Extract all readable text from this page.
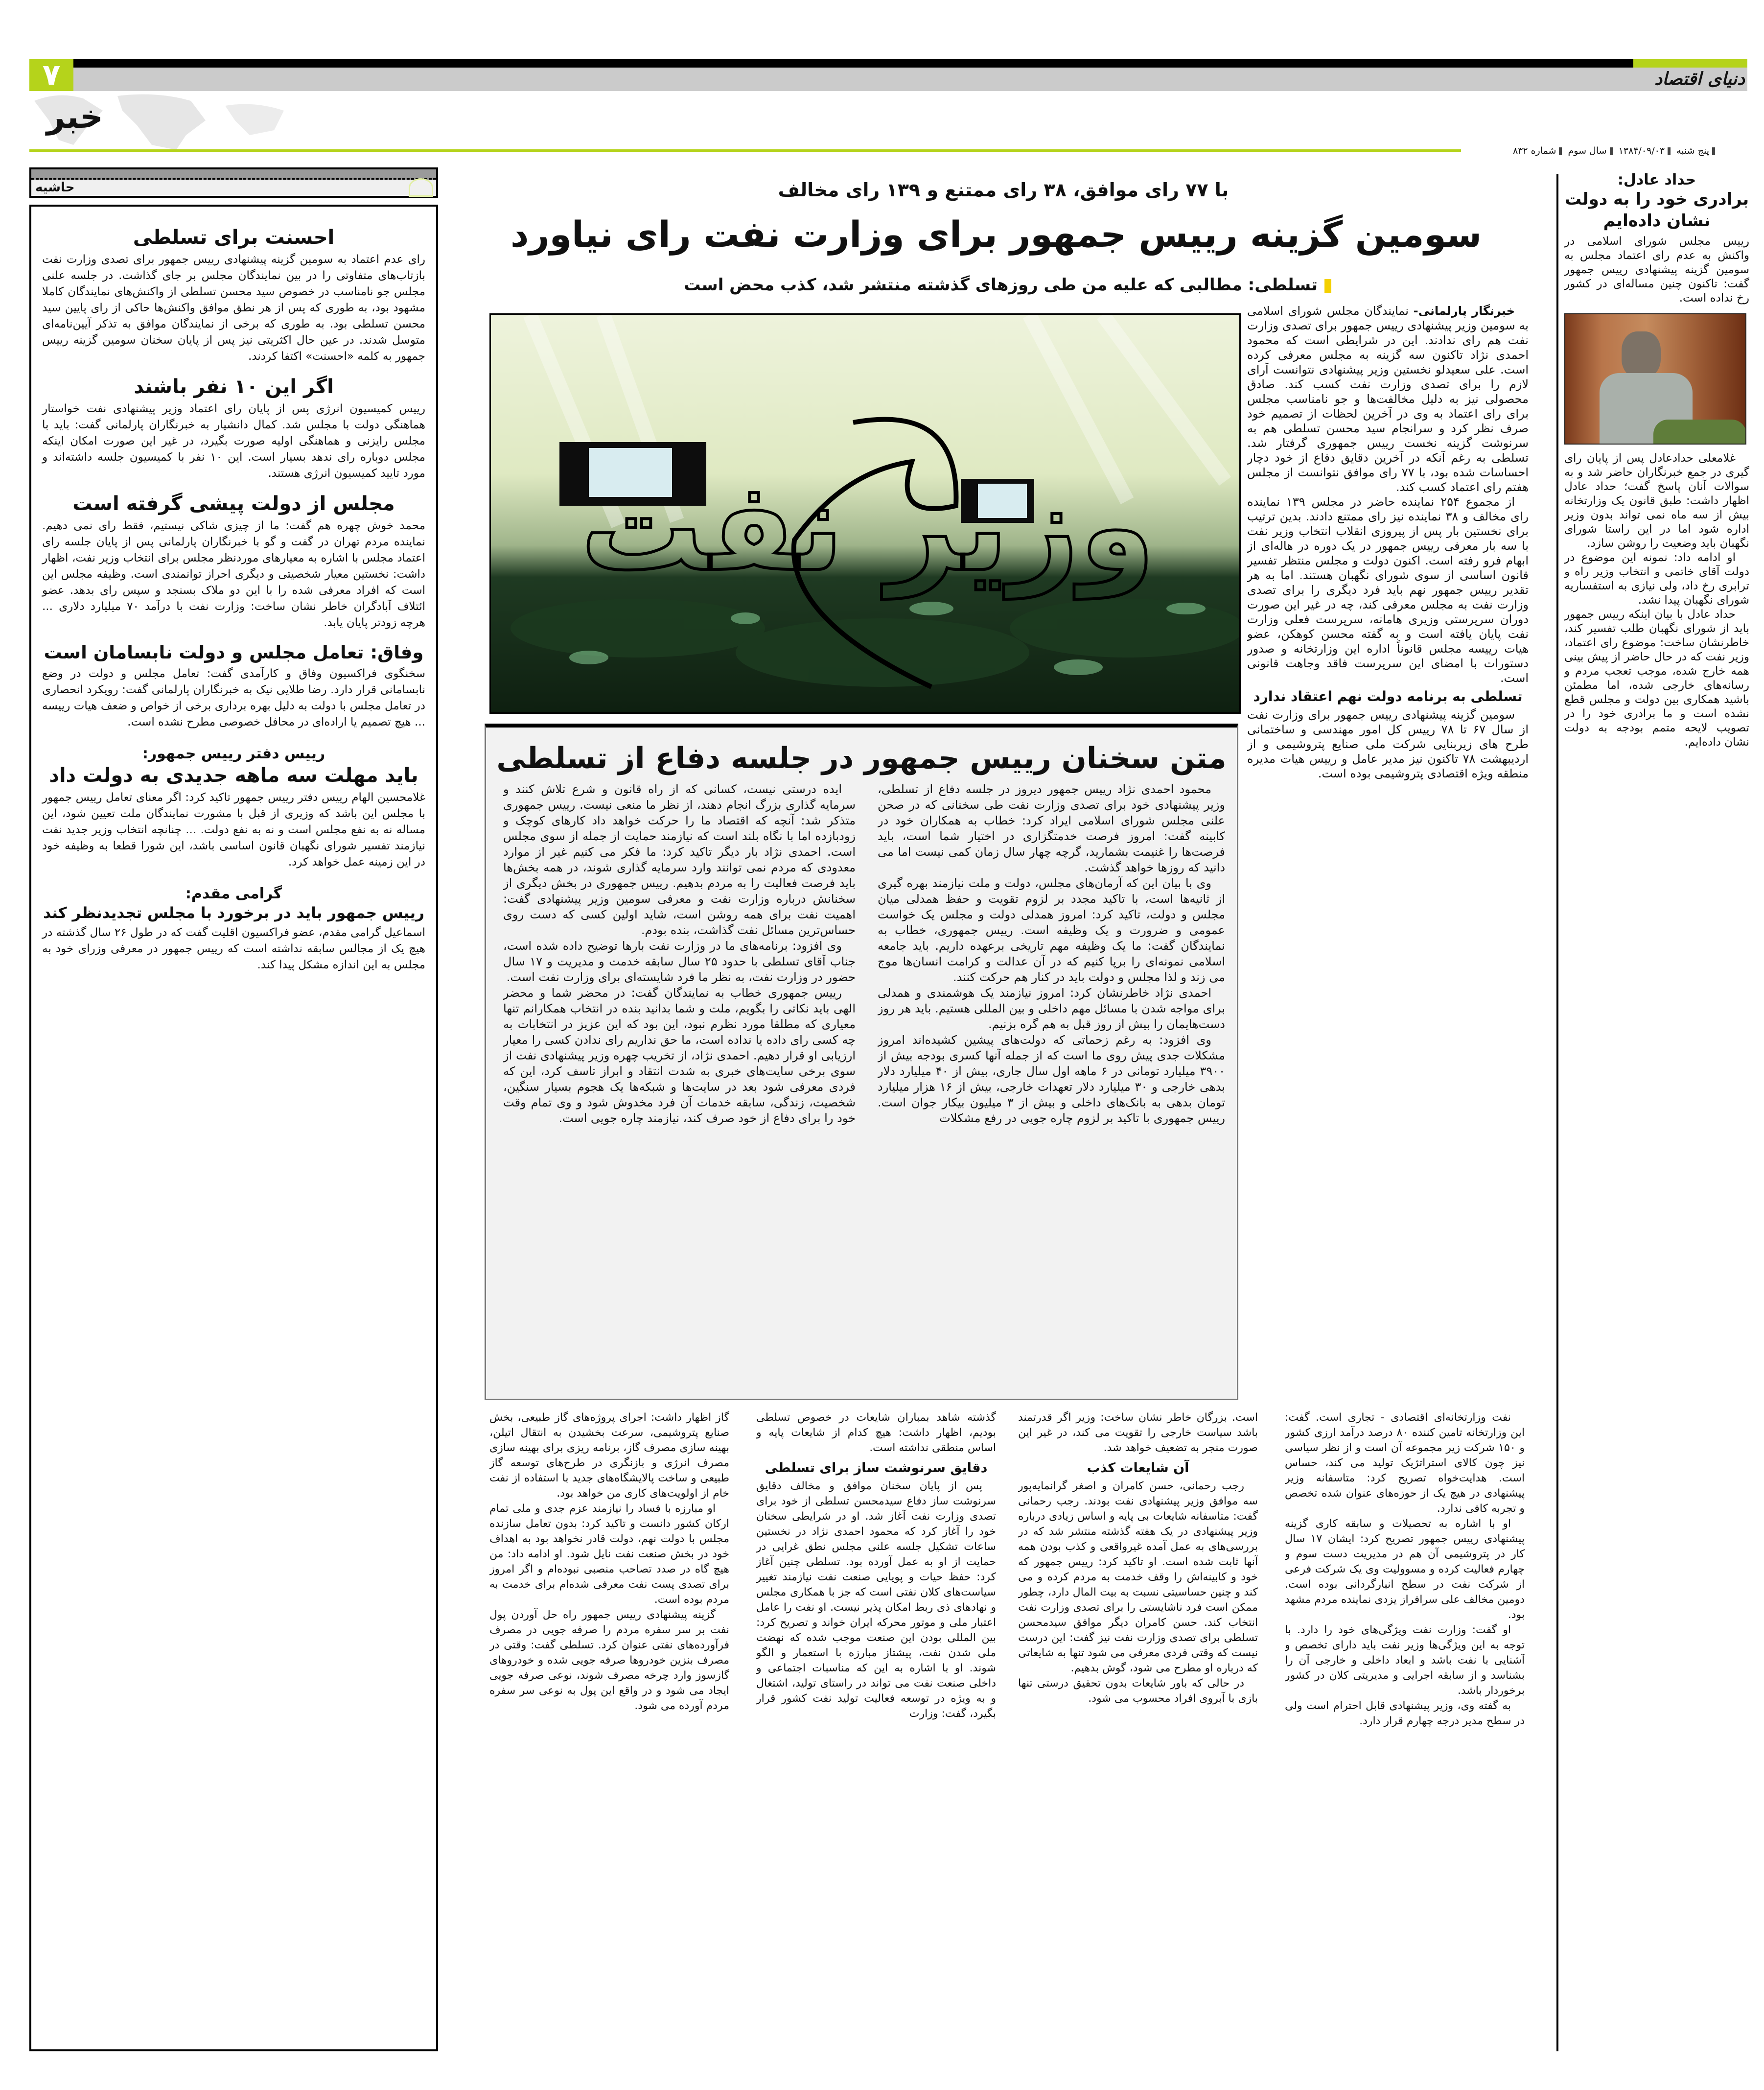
۷	دنیای اقتصاد
خبر
پنج شنبه ۱۳۸۴/۰۹/۰۳ سال سوم شماره ۸۳۲
حاشیه
احسنت برای تسلطی
رای عدم اعتماد به سومین گزینه پیشنهادی رییس جمهور برای تصدی وزارت نفت بازتاب‌های متفاوتی را در بین نمایندگان مجلس بر جای گذاشت. در جلسه علنی مجلس جو نامناسب در خصوص سید محسن تسلطی از واکنش‌های نمایندگان کاملا مشهود بود، به طوری که پس از هر نطق موافق واکنش‌ها حاکی از رای پایین سید محسن تسلطی بود. به طوری که برخی از نمایندگان موافق به تذکر آیین‌نامه‌ای متوسل شدند. در عین حال اکثریتی نیز پس از پایان سخنان سومین گزینه رییس جمهور به کلمه «احسنت» اکتفا کردند.
اگر این ۱۰ نفر باشند
رییس کمیسیون انرژی پس از پایان رای اعتماد وزیر پیشنهادی نفت خواستار هماهنگی دولت با مجلس شد. کمال دانشیار به خبرنگاران پارلمانی گفت: باید با مجلس رایزنی و هماهنگی اولیه صورت بگیرد، در غیر این صورت امکان اینکه مجلس دوباره رای ندهد بسیار است. این ۱۰ نفر با کمیسیون جلسه داشته‌اند و مورد تایید کمیسیون انرژی هستند.
مجلس از دولت پیشی گرفته است
محمد خوش چهره هم گفت: ما از چیزی شاکی نیستیم، فقط رای نمی دهیم. نماینده مردم تهران در گفت و گو با خبرنگاران پارلمانی پس از پایان جلسه رای اعتماد مجلس با اشاره به معیارهای موردنظر مجلس برای انتخاب وزیر نفت، اظهار داشت: نخستین معیار شخصیتی و دیگری احراز توانمندی است. وظیفه مجلس این است که افراد معرفی شده را با این دو ملاک بسنجد و سپس رای بدهد. عضو ائتلاف آبادگران خاطر نشان ساخت: وزارت نفت با درآمد ۷۰ میلیارد دلاری ... هرچه زودتر پایان یابد.
وفاق: تعامل مجلس و دولت نابسامان است
سخنگوی فراکسیون وفاق و کارآمدی گفت: تعامل مجلس و دولت در وضع نابسامانی قرار دارد. رضا طلایی نیک به خبرنگاران پارلمانی گفت: رویکرد انحصاری در تعامل مجلس با دولت به دلیل بهره برداری برخی از خواص و ضعف هیات رییسه ... هیچ تصمیم یا اراده‌ای در محافل خصوصی مطرح نشده است.
رییس دفتر رییس جمهور:
باید مهلت سه ماهه جدیدی به دولت داد
غلامحسین الهام رییس دفتر رییس جمهور تاکید کرد: اگر معنای تعامل رییس جمهور با مجلس این باشد که وزیری از قبل با مشورت نمایندگان ملت تعیین شود، این مساله نه به نفع مجلس است و نه به نفع دولت. ... چنانچه انتخاب وزیر جدید نفت نیازمند تفسیر شورای نگهبان قانون اساسی باشد، این شورا قطعا به وظیفه خود در این زمینه عمل خواهد کرد.
گرامی مقدم:
رییس جمهور باید در برخورد با مجلس تجدیدنظر کند
اسماعیل گرامی مقدم، عضو فراکسیون اقلیت گفت که در طول ۲۶ سال گذشته در هیچ یک از مجالس سابقه نداشته است که رییس جمهور در معرفی وزرای خود به مجلس به این اندازه مشکل پیدا کند.
با ۷۷ رای موافق، ۳۸ رای ممتنع و ۱۳۹ رای مخالف
سومین گزینه رییس جمهور برای وزارت نفت رای نیاورد
تسلطی: مطالبی که علیه من طی روزهای گذشته منتشر شد، کذب محض است
وزیر نفت

خبرنگار پارلمانی- نمایندگان مجلس شورای اسلامی به سومین وزیر پیشنهادی رییس جمهور برای تصدی وزارت نفت هم رای ندادند. این در شرایطی است که محمود احمدی نژاد تاکنون سه گزینه به مجلس معرفی کرده است. علی سعیدلو نخستین وزیر پیشنهادی نتوانست آرای لازم را برای تصدی وزارت نفت کسب کند. صادق محصولی نیز به دلیل مخالفت‌ها و جو نامناسب مجلس برای رای اعتماد به وی در آخرین لحظات از تصمیم خود صرف نظر کرد و سرانجام سید محسن تسلطی هم به سرنوشت گزینه نخست رییس جمهوری گرفتار شد. تسلطی به رغم آنکه در آخرین دقایق دفاع از خود دچار احساسات شده بود، با ۷۷ رای موافق نتوانست از مجلس هفتم رای اعتماد کسب کند.

از مجموع ۲۵۴ نماینده حاضر در مجلس ۱۳۹ نماینده رای مخالف و ۳۸ نماینده نیز رای ممتنع دادند. بدین ترتیب برای نخستین بار پس از پیروزی انقلاب انتخاب وزیر نفت با سه بار معرفی رییس جمهور در یک دوره در هاله‌ای از ابهام فرو رفته است. اکنون دولت و مجلس منتظر تفسیر قانون اساسی از سوی شورای نگهبان هستند. اما به هر تقدیر رییس جمهور نهم باید فرد دیگری را برای تصدی وزارت نفت به مجلس معرفی کند، چه در غیر این صورت دوران سرپرستی وزیری هامانه، سرپرست فعلی وزارت نفت پایان یافته است و به گفته محسن کوهکن، عضو هیات رییسه مجلس قانوناً اداره این وزارتخانه و صدور دستورات با امضای این سرپرست فاقد وجاهت قانونی است.

تسلطی به برنامه دولت نهم اعتقاد ندارد

سومین گزینه پیشنهادی رییس جمهور برای وزارت نفت از سال ۶۷ تا ۷۸ رییس کل امور مهندسی و ساختمانی طرح های زیربنایی شرکت ملی صنایع پتروشیمی و از اردیبهشت ۷۸ تاکنون نیز مدیر عامل و رییس هیات مدیره منطقه ویژه اقتصادی پتروشیمی بوده است.

متن سخنان رییس جمهور در جلسه دفاع از تسلطی

محمود احمدی نژاد رییس جمهور دیروز در جلسه دفاع از تسلطی، وزیر پیشنهادی خود برای تصدی وزارت نفت طی سخنانی که در صحن علنی مجلس شورای اسلامی ایراد کرد: خطاب به همکاران خود در کابینه گفت: امروز فرصت خدمتگزاری در اختیار شما است، باید فرصت‌ها را غنیمت بشمارید، گرچه چهار سال زمان کمی نیست اما می دانید که روزها خواهد گذشت.

وی با بیان این که آرمان‌های مجلس، دولت و ملت نیازمند بهره گیری از ثانیه‌ها است، با تاکید مجدد بر لزوم تقویت و حفظ همدلی میان مجلس و دولت، تاکید کرد: امروز همدلی دولت و مجلس یک خواست عمومی و ضرورت و یک وظیفه است. رییس جمهوری، خطاب به نمایندگان گفت: ما یک وظیفه مهم تاریخی برعهده داریم. باید جامعه اسلامی نمونه‌ای را برپا کنیم که در آن عدالت و کرامت انسان‌ها موج می زند و لذا مجلس و دولت باید در کنار هم حرکت کنند.

احمدی نژاد خاطرنشان کرد: امروز نیازمند یک هوشمندی و همدلی برای مواجه شدن با مسائل مهم داخلی و بین المللی هستیم. باید هر روز دست‌هایمان را بیش از روز قبل به هم گره بزنیم.

وی افزود: به رغم زحماتی که دولت‌های پیشین کشیده‌اند امروز مشکلات جدی پیش روی ما است که از جمله آنها کسری بودجه بیش از ۳۹۰۰ میلیارد تومانی در ۶ ماهه اول سال جاری، بیش از ۴۰ میلیارد دلار بدهی خارجی و ۳۰ میلیارد دلار تعهدات خارجی، بیش از ۱۶ هزار میلیارد تومان بدهی به بانک‌های داخلی و بیش از ۳ میلیون بیکار جوان است. رییس جمهوری با تاکید بر لزوم چاره جویی در رفع مشکلات

ایده درستی نیست، کسانی که از راه قانون و شرع تلاش کنند و سرمایه گذاری بزرگ انجام دهند، از نظر ما منعی نیست. رییس جمهوری متذکر شد: آنچه که اقتصاد ما را حرکت خواهد داد کارهای کوچک و زودبازده اما با نگاه بلند است که نیازمند حمایت از جمله از سوی مجلس است. احمدی نژاد بار دیگر تاکید کرد: ما فکر می کنیم غیر از موارد معدودی که مردم نمی توانند وارد سرمایه گذاری شوند، در همه بخش‌ها باید فرصت فعالیت را به مردم بدهیم. رییس جمهوری در بخش دیگری از سخنانش درباره وزارت نفت و معرفی سومین وزیر پیشنهادی گفت: اهمیت نفت برای همه روشن است، شاید اولین کسی که دست روی حساس‌ترین مسائل نفت گذاشت، بنده بودم.

وی افزود: برنامه‌های ما در وزارت نفت بارها توضیح داده شده است، جناب آقای تسلطی با حدود ۲۵ سال سابقه خدمت و مدیریت و ۱۷ سال حضور در وزارت نفت، به نظر ما فرد شایسته‌ای برای وزارت نفت است.

رییس جمهوری خطاب به نمایندگان گفت: در محضر شما و محضر الهی باید نکاتی را بگویم، ملت و شما بدانید بنده در انتخاب همکارانم تنها معیاری که مطلقا مورد نظرم نبود، این بود که این عزیز در انتخابات به چه کسی رای داده یا نداده است، ما حق نداریم رای ندادن کسی را معیار ارزیابی او قرار دهیم. احمدی نژاد، از تخریب چهره وزیر پیشنهادی نفت از سوی برخی سایت‌های خبری به شدت انتقاد و ابراز تاسف کرد، این که فردی معرفی شود بعد در سایت‌ها و شبکه‌ها یک هجوم بسیار سنگین، شخصیت، زندگی، سابقه خدمات آن فرد مخدوش شود و وی تمام وقت خود را برای دفاع از خود صرف کند، نیازمند چاره جویی است.

نفت وزارتخانه‌ای اقتصادی - تجاری است. گفت: این وزارتخانه تامین کننده ۸۰ درصد درآمد ارزی کشور و ۱۵۰ شرکت زیر مجموعه آن است و از نظر سیاسی نیز چون کالای استراتژیک تولید می کند، حساس است. هدایت‌خواه تصریح کرد: متاسفانه وزیر پیشنهادی در هیچ یک از حوزه‌های عنوان شده تخصص و تجربه کافی ندارد.

او با اشاره به تحصیلات و سابقه کاری گزینه پیشنهادی رییس جمهور تصریح کرد: ایشان ۱۷ سال کار در پتروشیمی آن هم در مدیریت دست سوم و چهارم فعالیت کرده و مسوولیت وی یک شرکت فرعی از شرکت نفت در سطح انبارگردانی بوده است. دومین مخالف علی سرافراز یزدی نماینده مردم مشهد بود.

او گفت: وزارت نفت ویژگی‌های خود را دارد. با توجه به این ویژگی‌ها وزیر نفت باید دارای تخصص و آشنایی با نفت باشد و ابعاد داخلی و خارجی آن را بشناسد و از سابقه اجرایی و مدیریتی کلان در کشور برخوردار باشد.

به گفته وی، وزیر پیشنهادی قابل احترام است ولی در سطح مدیر درجه چهارم قرار دارد.

است. بزرگان خاطر نشان ساخت: وزیر اگر قدرتمند باشد سیاست خارجی را تقویت می کند، در غیر این صورت منجر به تضعیف خواهد شد.

آن شایعات کذب

رجب رحمانی، حسن کامران و اصغر گرانمایه‌پور سه موافق وزیر پیشنهادی نفت بودند. رجب رحمانی گفت: متاسفانه شایعات بی پایه و اساس زیادی درباره وزیر پیشنهادی در یک هفته گذشته منتشر شد که در بررسی‌های به عمل آمده غیرواقعی و کذب بودن همه آنها ثابت شده است. او تاکید کرد: رییس جمهور که خود و کابینه‌اش را وقف خدمت به مردم کرده و می کند و چنین حساسیتی نسبت به بیت المال دارد، چطور ممکن است فرد ناشایستی را برای تصدی وزارت نفت انتخاب کند. حسن کامران دیگر موافق سیدمحسن تسلطی برای تصدی وزارت نفت نیز گفت: این درست نیست که وقتی فردی معرفی می شود تنها به شایعاتی که درباره او مطرح می شود، گوش بدهیم.

در حالی که باور شایعات بدون تحقیق درستی تنها بازی با آبروی افراد محسوب می شود.

گذشته شاهد بمباران شایعات در خصوص تسلطی بودیم، اظهار داشت: هیچ کدام از شایعات پایه و اساس منطقی نداشته است.

دقایق سرنوشت ساز برای تسلطی

پس از پایان سخنان موافق و مخالف دقایق سرنوشت ساز دفاع سیدمحسن تسلطی از خود برای تصدی وزارت نفت آغاز شد. او در شرایطی سخنان خود را آغاز کرد که محمود احمدی نژاد در نخستین ساعات تشکیل جلسه علنی مجلس نطق غرایی در حمایت از او به عمل آورده بود. تسلطی چنین آغاز کرد: حفظ حیات و پویایی صنعت نفت نیازمند تغییر سیاست‌های کلان نفتی است که جز با همکاری مجلس و نهادهای ذی ربط امکان پذیر نیست. او نفت را عامل اعتبار ملی و موتور محرکه ایران خواند و تصریح کرد: بین المللی بودن این صنعت موجب شده که نهضت ملی شدن نفت، پیشتاز مبارزه با استعمار و الگو شوند. او با اشاره به این که مناسبات اجتماعی و داخلی صنعت نفت می تواند در راستای تولید، اشتغال و به ویژه در توسعه فعالیت تولید نفت کشور قرار بگیرد، گفت: وزارت

گاز اظهار داشت: اجرای پروژه‌های گاز طبیعی، بخش صنایع پتروشیمی، سرعت بخشیدن به انتقال اتیلن، بهینه سازی مصرف گاز، برنامه ریزی برای بهینه سازی مصرف انرژی و بازنگری در طرح‌های توسعه گاز طبیعی و ساخت پالایشگاه‌های جدید با استفاده از نفت خام از اولویت‌های کاری من خواهد بود.

او مبارزه با فساد را نیازمند عزم جدی و ملی تمام ارکان کشور دانست و تاکید کرد: بدون تعامل سازنده مجلس با دولت نهم، دولت قادر نخواهد بود به اهداف خود در بخش صنعت نفت نایل شود. او ادامه داد: من هیچ گاه در صدد تصاحب منصبی نبوده‌ام و اگر امروز برای تصدی پست نفت معرفی شده‌ام برای خدمت به مردم بوده است.

گزینه پیشنهادی رییس جمهور راه حل آوردن پول نفت بر سر سفره مردم را صرفه جویی در مصرف فرآورده‌های نفتی عنوان کرد. تسلطی گفت: وقتی در مصرف بنزین خودروها صرفه جویی شده و خودروهای گازسوز وارد چرخه مصرف شوند، نوعی صرفه جویی ایجاد می شود و در واقع این پول به نوعی سر سفره مردم آورده می شود.

حداد عادل:
برادری خود را به دولت نشان داده‌ایم
رییس مجلس شورای اسلامی در واکنش به عدم رای اعتماد مجلس به سومین گزینه پیشنهادی رییس جمهور گفت: تاکنون چنین مساله‌ای در کشور رخ نداده است.

غلامعلی حدادعادل پس از پایان رای گیری در جمع خبرنگاران حاضر شد و به سوالات آنان پاسخ گفت؛ حداد عادل اظهار داشت: طبق قانون یک وزارتخانه بیش از سه ماه نمی تواند بدون وزیر اداره شود اما در این راستا شورای نگهبان باید وضعیت را روشن سازد.

او ادامه داد: نمونه این موضوع در دولت آقای خاتمی و انتخاب وزیر راه و ترابری رخ داد، ولی نیازی به استفساریه شورای نگهبان پیدا نشد.

حداد عادل با بیان اینکه رییس جمهور باید از شورای نگهبان طلب تفسیر کند، خاطرنشان ساخت: موضوع رای اعتماد، وزیر نفت که در حال حاضر از پیش بینی همه خارج شده، موجب تعجب مردم و رسانه‌های خارجی شده، اما مطمئن باشید همکاری بین دولت و مجلس قطع نشده است و ما برادری خود را در تصویب لایحه متمم بودجه به دولت نشان داده‌ایم.
